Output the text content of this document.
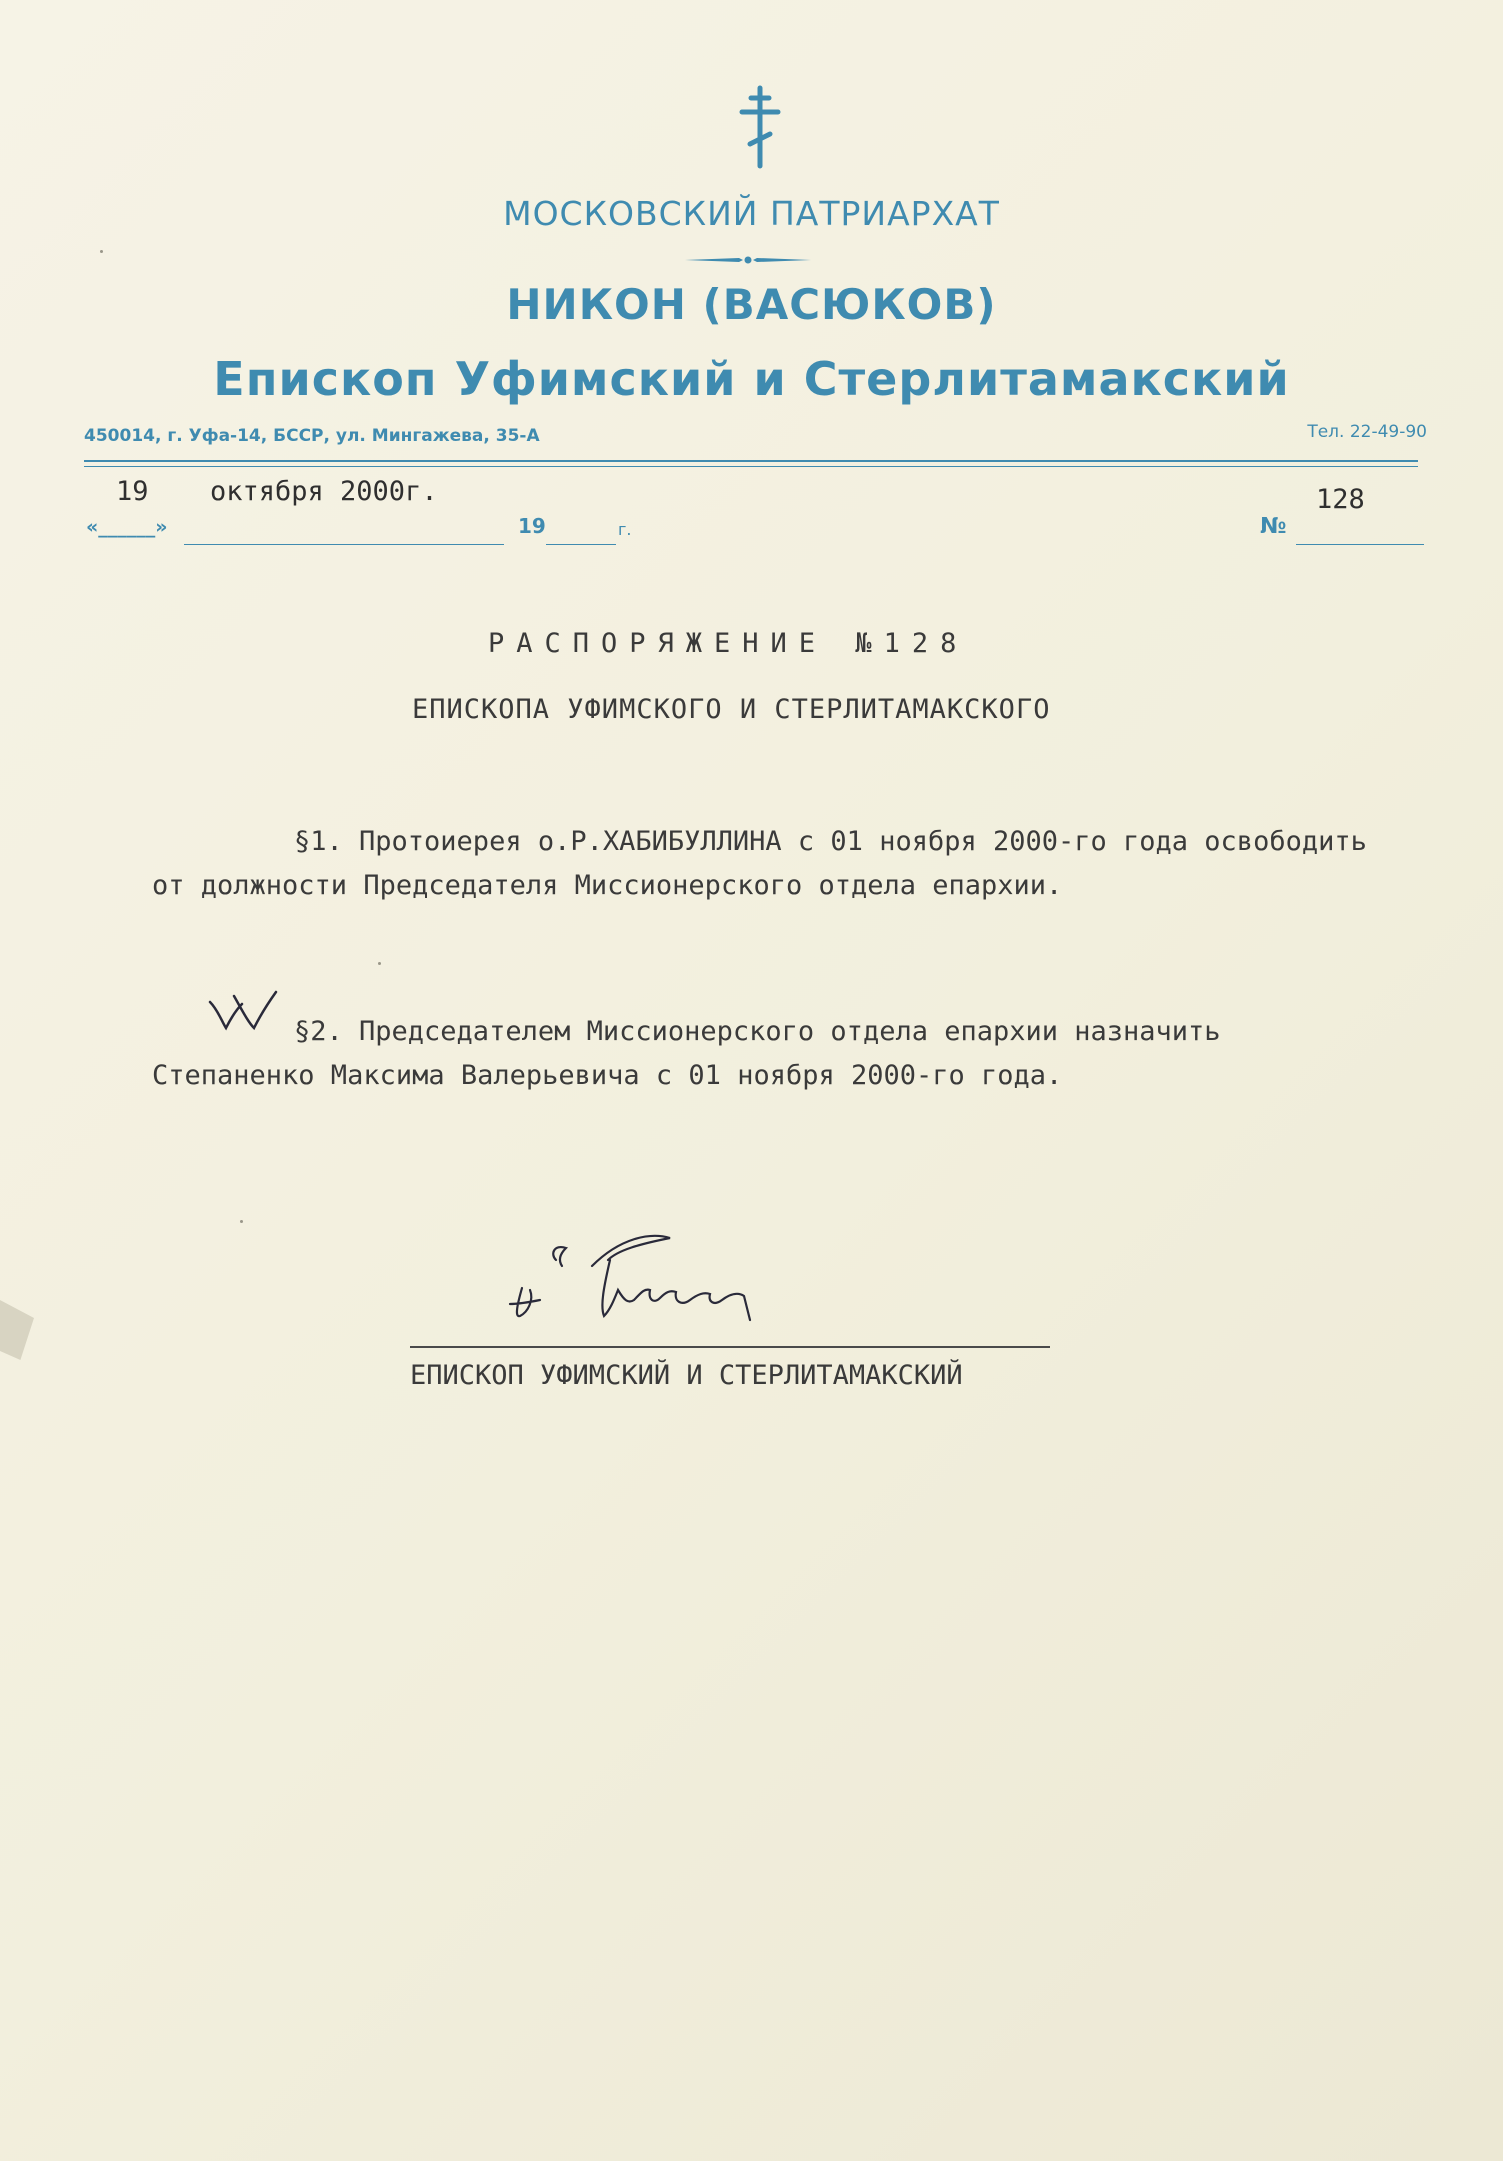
МОСКОВСКИЙ ПАТРИАРХАТ
НИКОН (ВАСЮКОВ)
Епископ Уфимский и Стерлитамакский
450014, г. Уфа-14, БССР, ул. Мингажева, 35-А	Тел. 22-49-90
19 октября 2000г.	128
«______»	19	г.	№
РАСПОРЯЖЕНИЕ №128
ЕПИСКОПА УФИМСКОГО И СТЕРЛИТАМАКСКОГО
§1. Протоиерея о.Р.ХАБИБУЛЛИНА с 01 ноября 2000-го года освободить от должности Председателя Миссионерского отдела епархии.
§2. Председателем Миссионерского отдела епархии назначить Степаненко Максима Валерьевича с 01 ноября 2000-го года.
ЕПИСКОП УФИМСКИЙ И СТЕРЛИТАМАКСКИЙ
